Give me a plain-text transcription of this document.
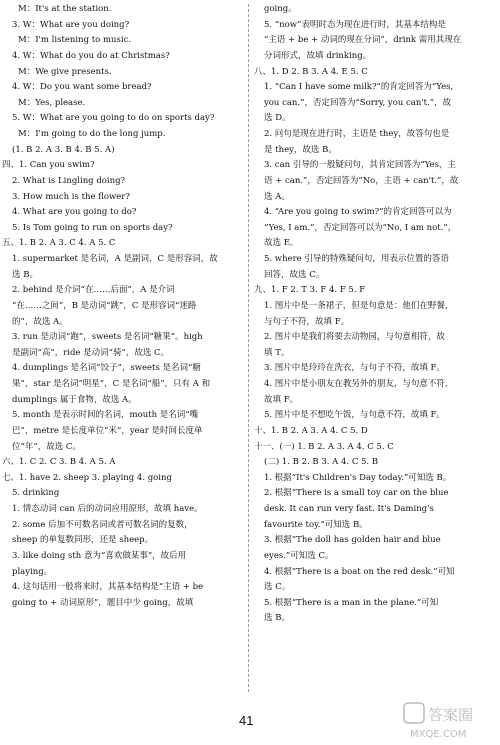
M：It's at the station.
3. W：What are you doing?
M：I'm listening to music.
4. W：What do you do at Christmas?
M：We give presents.
4. W：Do you want some bread?
M：Yes, please.
5. W：What are you going to do on sports day?
M：I'm going to do the long jump.
(1. B 2. A 3. B 4. B 5. A)
四、1. Can you swim?
2. What is Lingling doing?
3. How much is the flower?
4. What are you going to do?
5. Is Tom going to run on sports day?
五、1. B 2. A 3. C 4. A 5. C
1. supermarket 是名词，A 是副词，C 是形容词，故
选 B。
2. behind 是介词“在……后面”，A 是介词
“在……之间”，B 是动词“跳”，C 是形容词“迷路
的”，故选 A。
3. run 是动词“跑”，sweets 是名词“糖果”。high
是副词“高”，ride 是动词“骑”，故选 C。
4. dumplings 是名词“饺子”，sweets 是名词“糖
果”，star 是名词“明星”，C 是名词“船”，只有 A 和
dumplings 属于食物，故选 A。
5. month 是表示时间的名词，mouth 是名词“嘴
巴”，metre 是长度单位“米”，year 是时间长度单
位“年”，故选 C。
六、1. C 2. C 3. B 4. A 5. A
七、1. have 2. sheep 3. playing 4. going
5. drinking
1. 情态动词 can 后的动词应用原形，故填 have。
2. some 后加不可数名词或者可数名词的复数，
sheep 的单复数同形，还是 sheep。
3. like doing sth 意为“喜欢做某事”，故后用
playing。
4. 这句话用一般将来时，其基本结构是“主语 + be
going to + 动词原形”，题目中少 going，故填
going。
5. “now”表明时态为现在进行时，其基本结构是
“主语 + be + 动词的现在分词”，drink 需用其现在
分词形式，故填 drinking。
八、1. D 2. B 3. A 4. E 5. C
1. “Can I have some milk?”的肯定回答为“Yes,
you can.”，否定回答为“Sorry, you can't.”，故
选 D。
2. 问句是现在进行时，主语是 they，故答句也是
是 they，故选 B。
3. can 引导的一般疑问句，其肯定回答为“Yes，主
语 + can.”，否定回答为“No，主语 + can't.”，故
选 A。
4. “Are you going to swim?”的肯定回答可以为
“Yes, I am.”，否定回答可以为“No, I am not.”，
故选 E。
5. where 引导的特殊疑问句，用表示位置的答语
回答，故选 C。
九、1. F 2. T 3. F 4. F 5. F
1. 图片中是一条裙子，但是句意是：他们在野餐，
与句子不符，故填 F。
2. 图片中是我们将要去动物园，与句意相符，故
填 T。
3. 图片中是玲玲在洗衣，与句子不符，故填 F。
4. 图片中是小朋友在教另外的朋友，与句意不符，
故填 F。
5. 图片中是不想吃午饭，与句意不符，故填 F。
十、1. B 2. A 3. A 4. C 5. D
十一、(一) 1. B 2. A 3. A 4. C 5. C
(二) 1. B 2. B 3. A 4. C 5. B
1. 根据“It's Children's Day today.”可知选 B。
2. 根据“There is a small toy car on the blue
desk. It can run very fast. It's Daming's
favourite toy.”可知选 B。
3. 根据“The doll has golden hair and blue
eyes.”可知选 C。
4. 根据“There is a boat on the red desk.”可知
选 C。
5. 根据“There is a man in the plane.”可知
选 B。
41	答案圈
MXQE.COM
